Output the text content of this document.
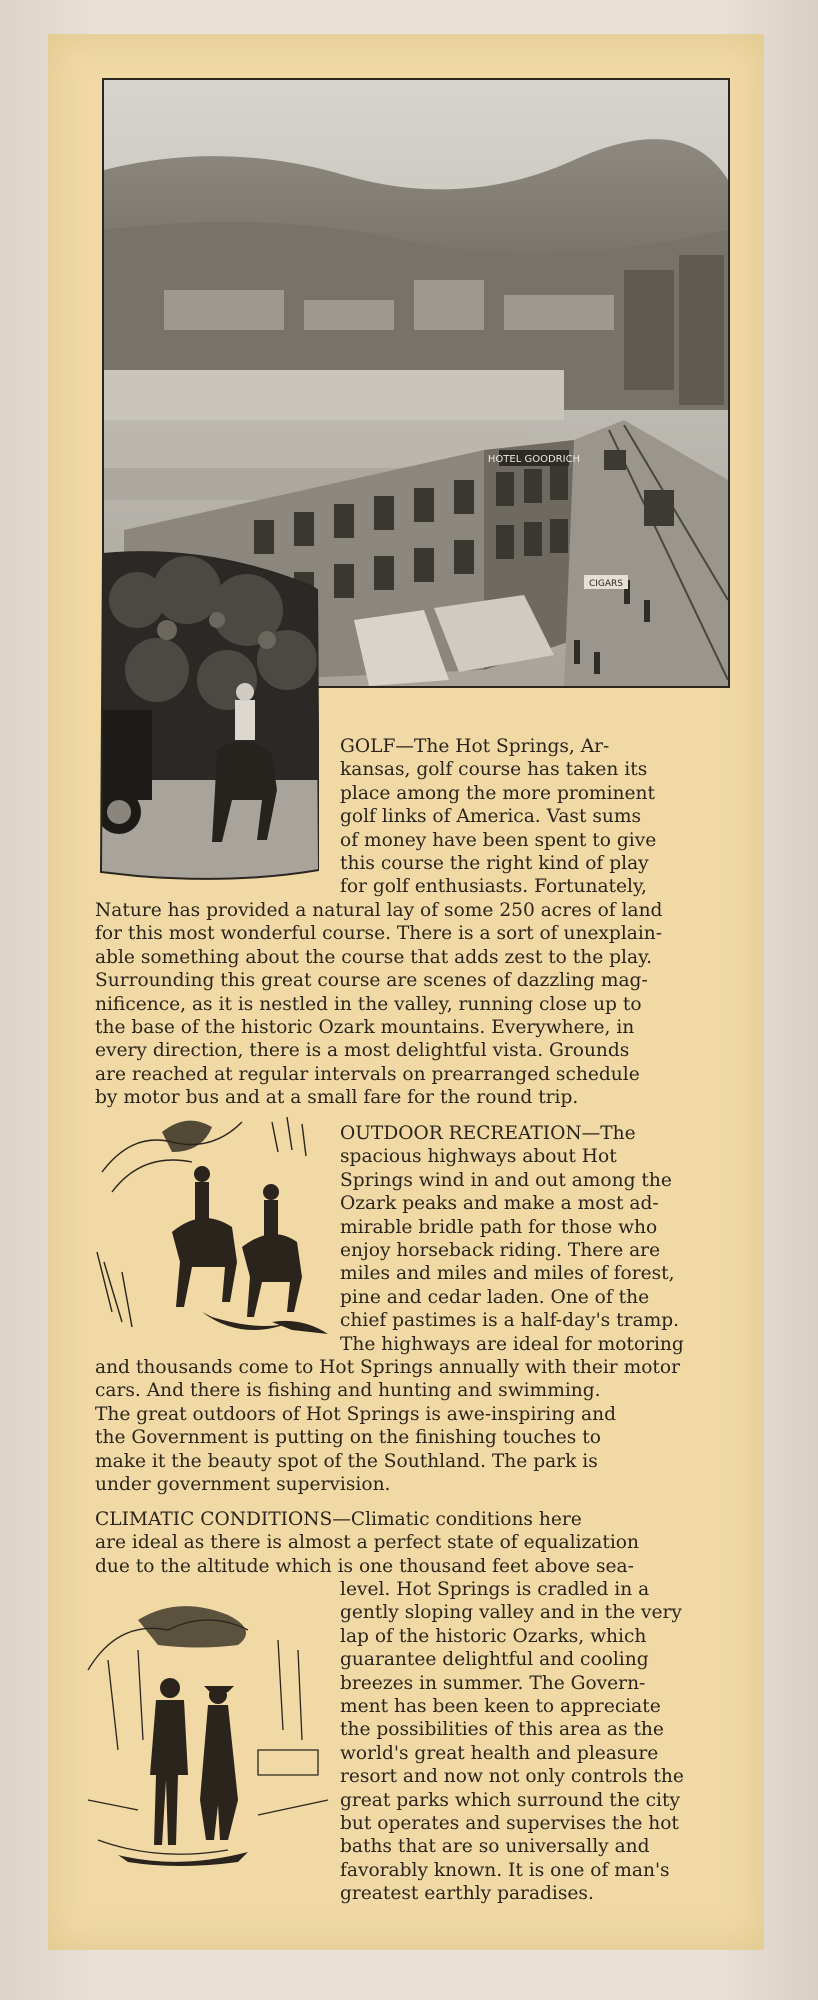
HOTEL GOODRICH
CIGARS
GOLF—The Hot Springs, Ar-
kansas, golf course has taken its
place among the more prominent
golf links of America. Vast sums
of money have been spent to give
this course the right kind of play
for golf enthusiasts. Fortunately,
Nature has provided a natural lay of some 250 acres of land
for this most wonderful course. There is a sort of unexplain-
able something about the course that adds zest to the play.
Surrounding this great course are scenes of dazzling mag-
nificence, as it is nestled in the valley, running close up to
the base of the historic Ozark mountains. Everywhere, in
every direction, there is a most delightful vista. Grounds
are reached at regular intervals on prearranged schedule
by motor bus and at a small fare for the round trip.
OUTDOOR RECREATION—The
spacious highways about Hot
Springs wind in and out among the
Ozark peaks and make a most ad-
mirable bridle path for those who
enjoy horseback riding. There are
miles and miles and miles of forest,
pine and cedar laden. One of the
chief pastimes is a half-day's tramp.
The highways are ideal for motoring
and thousands come to Hot Springs annually with their motor
cars. And there is fishing and hunting and swimming.
The great outdoors of Hot Springs is awe-inspiring and
the Government is putting on the finishing touches to
make it the beauty spot of the Southland. The park is
under government supervision.
CLIMATIC CONDITIONS—Climatic conditions here
are ideal as there is almost a perfect state of equalization
due to the altitude which is one thousand feet above sea-
level. Hot Springs is cradled in a
gently sloping valley and in the very
lap of the historic Ozarks, which
guarantee delightful and cooling
breezes in summer. The Govern-
ment has been keen to appreciate
the possibilities of this area as the
world's great health and pleasure
resort and now not only controls the
great parks which surround the city
but operates and supervises the hot
baths that are so universally and
favorably known. It is one of man's
greatest earthly paradises.
